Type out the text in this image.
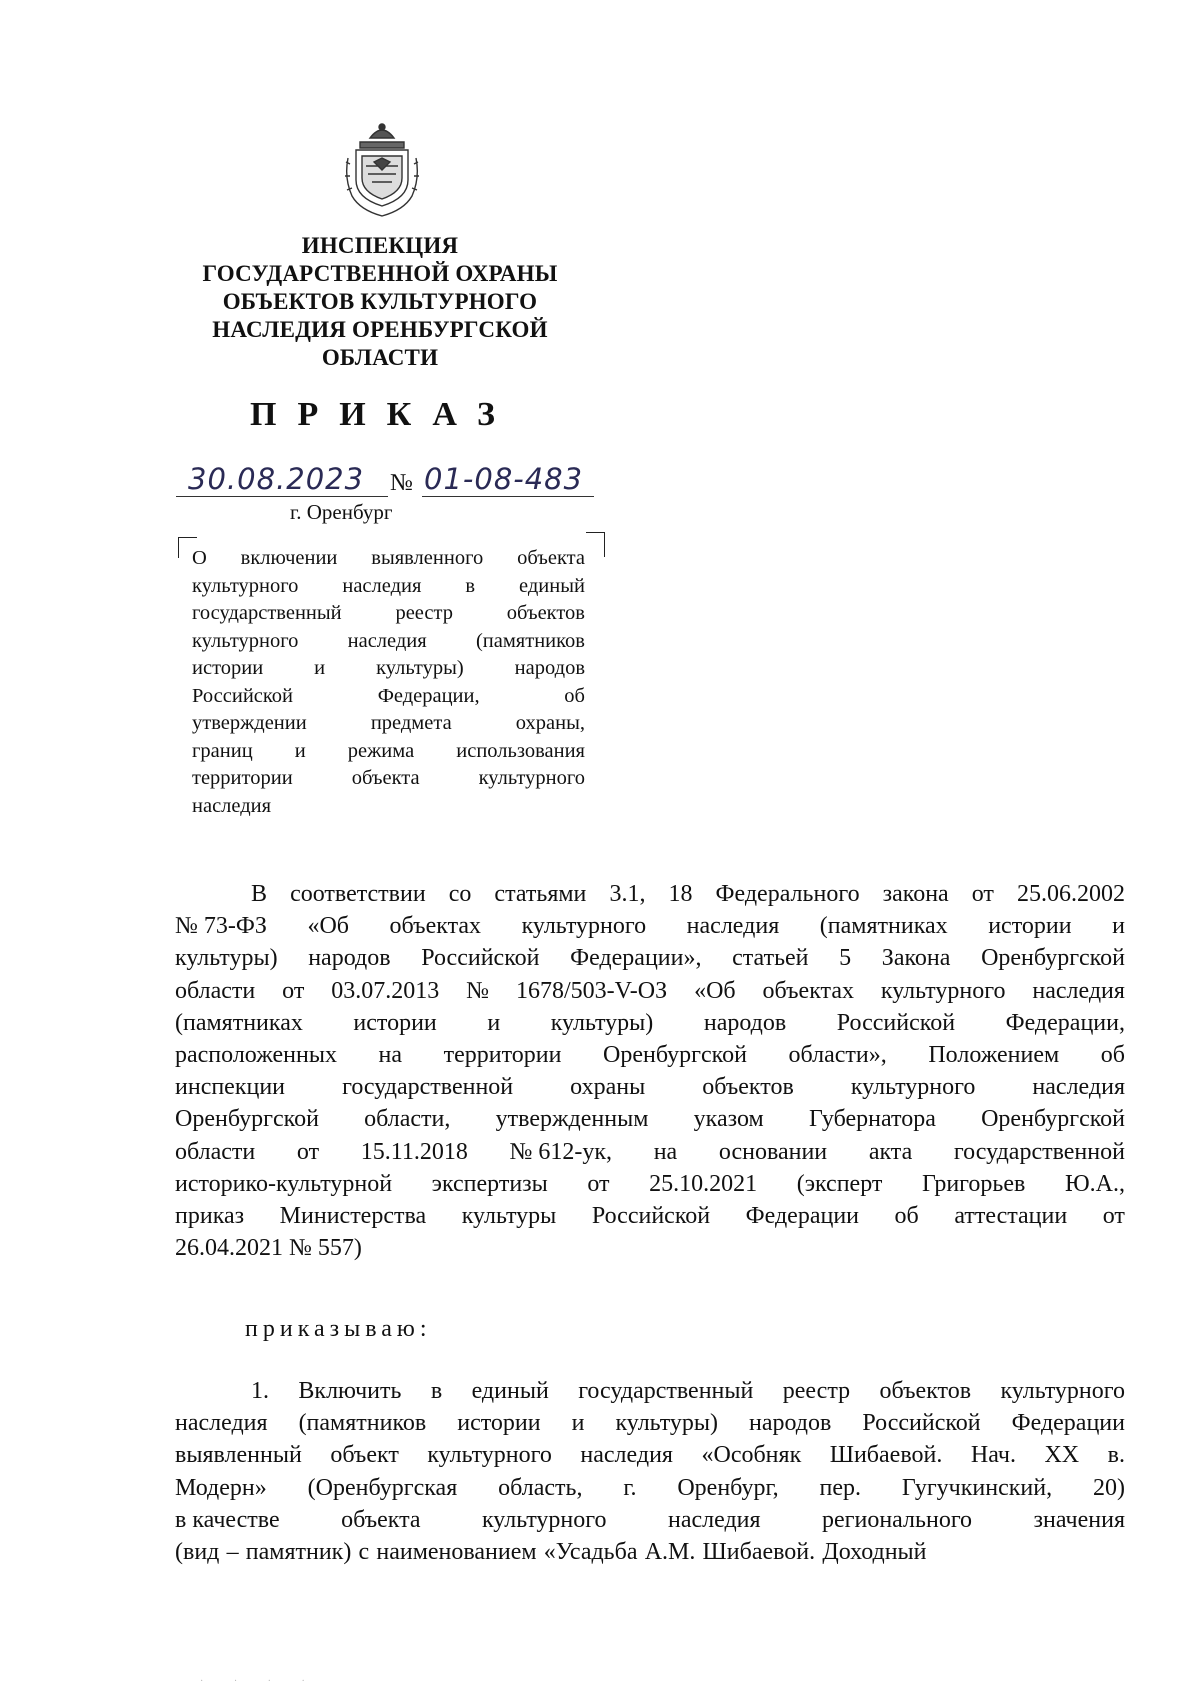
ИНСПЕКЦИЯ
ГОСУДАРСТВЕННОЙ ОХРАНЫ
ОБЪЕКТОВ КУЛЬТУРНОГО
НАСЛЕДИЯ ОРЕНБУРГСКОЙ
ОБЛАСТИ
ПРИКАЗ
30.08.2023 № 01-08-483
г. Оренбург
О включении выявленного объекта
культурного наследия в единый
государственный	реестр	объектов
культурного наследия (памятников
истории и культуры) народов
Российской	Федерации,	об
утверждении	предмета	охраны,
границ и режима использования
территории	объекта	культурного
наследия
В соответствии со статьями 3.1, 18 Федерального закона от 25.06.2002
№ 73-ФЗ «Об объектах культурного наследия (памятниках истории и
культуры) народов Российской Федерации», статьей 5 Закона Оренбургской
области от 03.07.2013 № 1678/503-V-ОЗ «Об объектах культурного наследия
(памятниках истории и культуры) народов Российской Федерации,
расположенных на территории Оренбургской области», Положением об
инспекции государственной охраны объектов культурного наследия
Оренбургской области, утвержденным указом Губернатора Оренбургской
области от 15.11.2018 № 612-ук, на основании акта государственной
историко-культурной экспертизы от 25.10.2021 (эксперт Григорьев Ю.А.,
приказ Министерства культуры Российской Федерации об аттестации от
26.04.2021 № 557)
приказываю:
1. Включить в единый государственный реестр объектов культурного
наследия (памятников истории и культуры) народов Российской Федерации
выявленный объект культурного наследия «Особняк Шибаевой. Нач. XX в.
Модерн» (Оренбургская область, г. Оренбург, пер. Гугучкинский, 20)
в качестве	объекта	культурного	наследия	регионального	значения
(вид – памятник) с наименованием «Усадьба А.М. Шибаевой. Доходный
· · · ·
